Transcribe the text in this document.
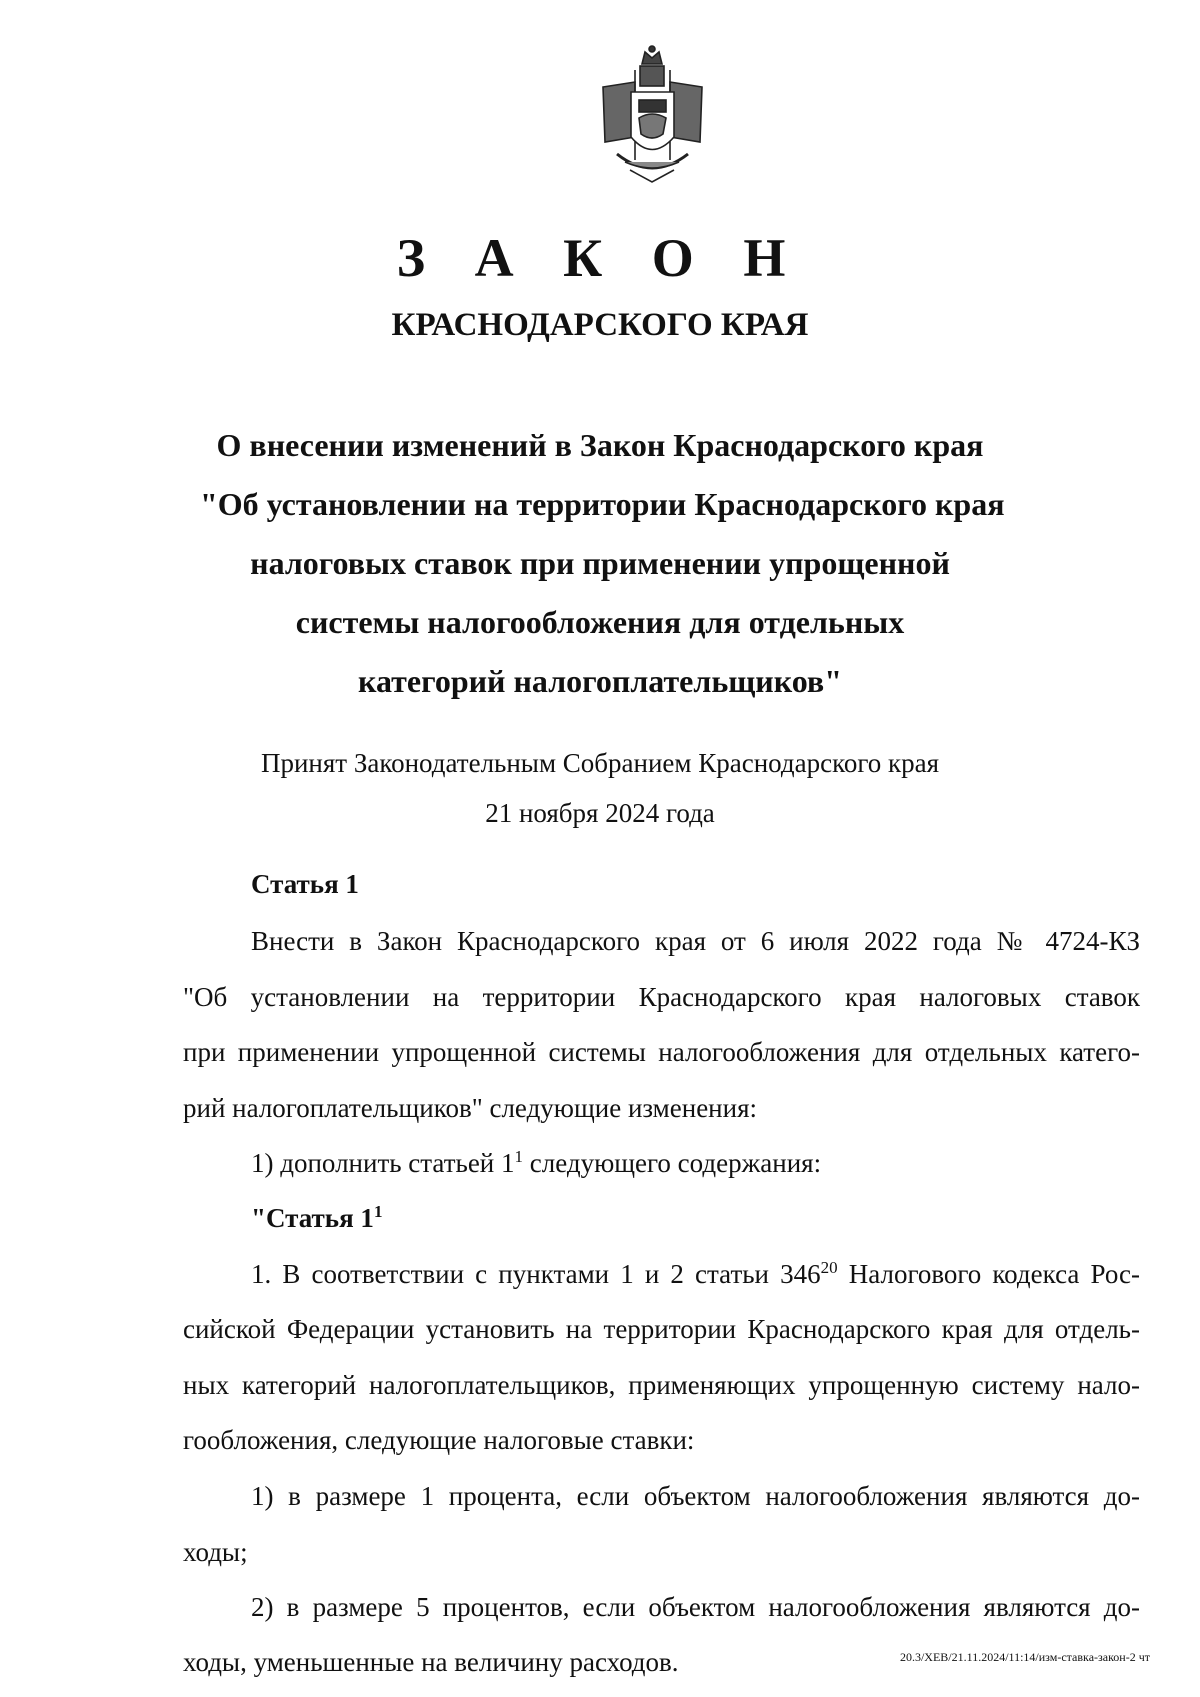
З А К О Н
КРАСНОДАРСКОГО КРАЯ
О внесении изменений в Закон Краснодарского края
"Об установлении на территории Краснодарского края
налоговых ставок при применении упрощенной
системы налогообложения для отдельных
категорий налогоплательщиков"
Принят Законодательным Собранием Краснодарского края
21 ноября 2024 года
Статья 1
Внести в Закон Краснодарского края от 6 июля 2022 года № 4724-КЗ
"Об установлении на территории Краснодарского края налоговых ставок
при применении упрощенной системы налогообложения для отдельных катего-
рий налогоплательщиков" следующие изменения:
1) дополнить статьей $1^1$ следующего содержания:
"Статья $1^1$
1. В соответствии с пунктами 1 и 2 статьи $346^{20}$ Налогового кодекса Рос-
сийской Федерации установить на территории Краснодарского края для отдель-
ных категорий налогоплательщиков, применяющих упрощенную систему нало-
гообложения, следующие налоговые ставки:
1) в размере 1 процента, если объектом налогообложения являются до-
ходы;
2) в размере 5 процентов, если объектом налогообложения являются до-
ходы, уменьшенные на величину расходов.	20.3/ХЕВ/21.11.2024/11:14/изм-ставка-закон-2 чт
